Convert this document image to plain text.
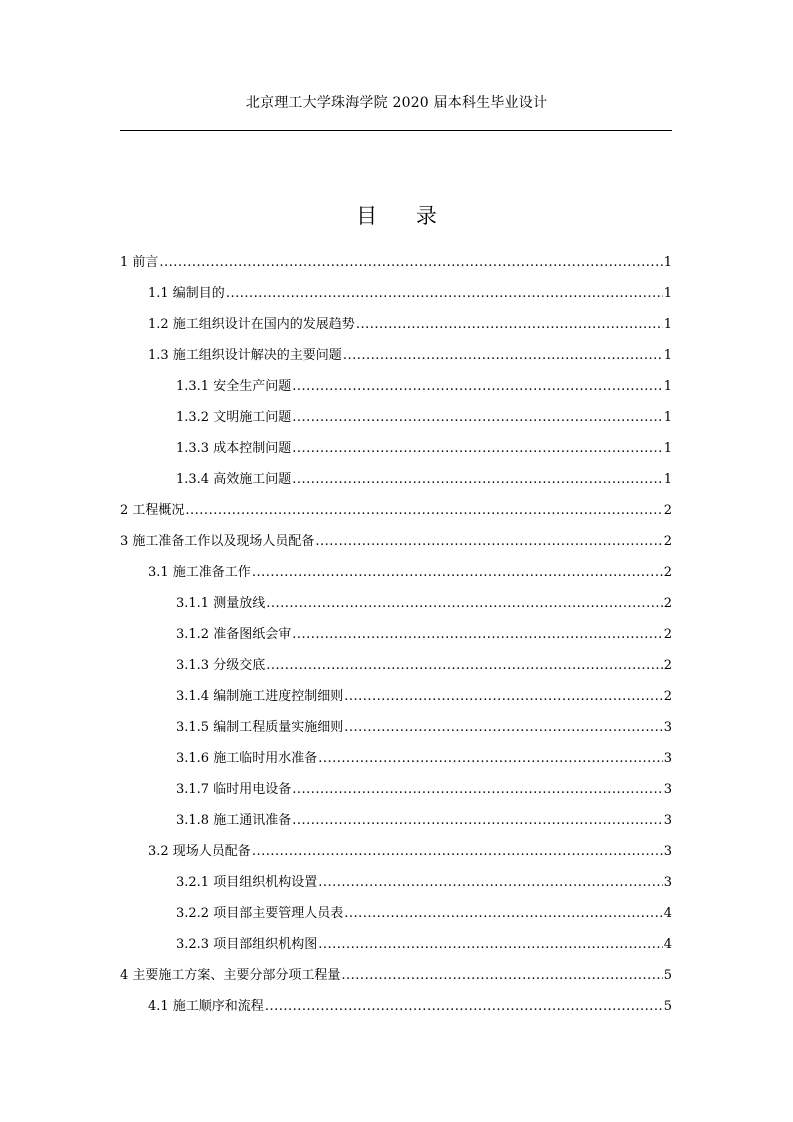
北京理工大学珠海学院 2020 届本科生毕业设计
目 录
1 前言 .....	1
1.1 编制目的 .....	1
1.2 施工组织设计在国内的发展趋势 .....	1
1.3 施工组织设计解决的主要问题 .....	1
1.3.1 安全生产问题 .....	1
1.3.2 文明施工问题 .....	1
1.3.3 成本控制问题 .....	1
1.3.4 高效施工问题 .....	1
2 工程概况 .....	2
3 施工准备工作以及现场人员配备 .....	2
3.1 施工准备工作 .....	2
3.1.1 测量放线 .....	2
3.1.2 准备图纸会审 .....	2
3.1.3 分级交底 .....	2
3.1.4 编制施工进度控制细则 .....	2
3.1.5 编制工程质量实施细则 .....	3
3.1.6 施工临时用水准备 .....	3
3.1.7 临时用电设备 .....	3
3.1.8 施工通讯准备 .....	3
3.2 现场人员配备 .....	3
3.2.1 项目组织机构设置 .....	3
3.2.2 项目部主要管理人员表 .....	4
3.2.3 项目部组织机构图 .....	4
4 主要施工方案、主要分部分项工程量 .....	5
4.1 施工顺序和流程 .....	5
